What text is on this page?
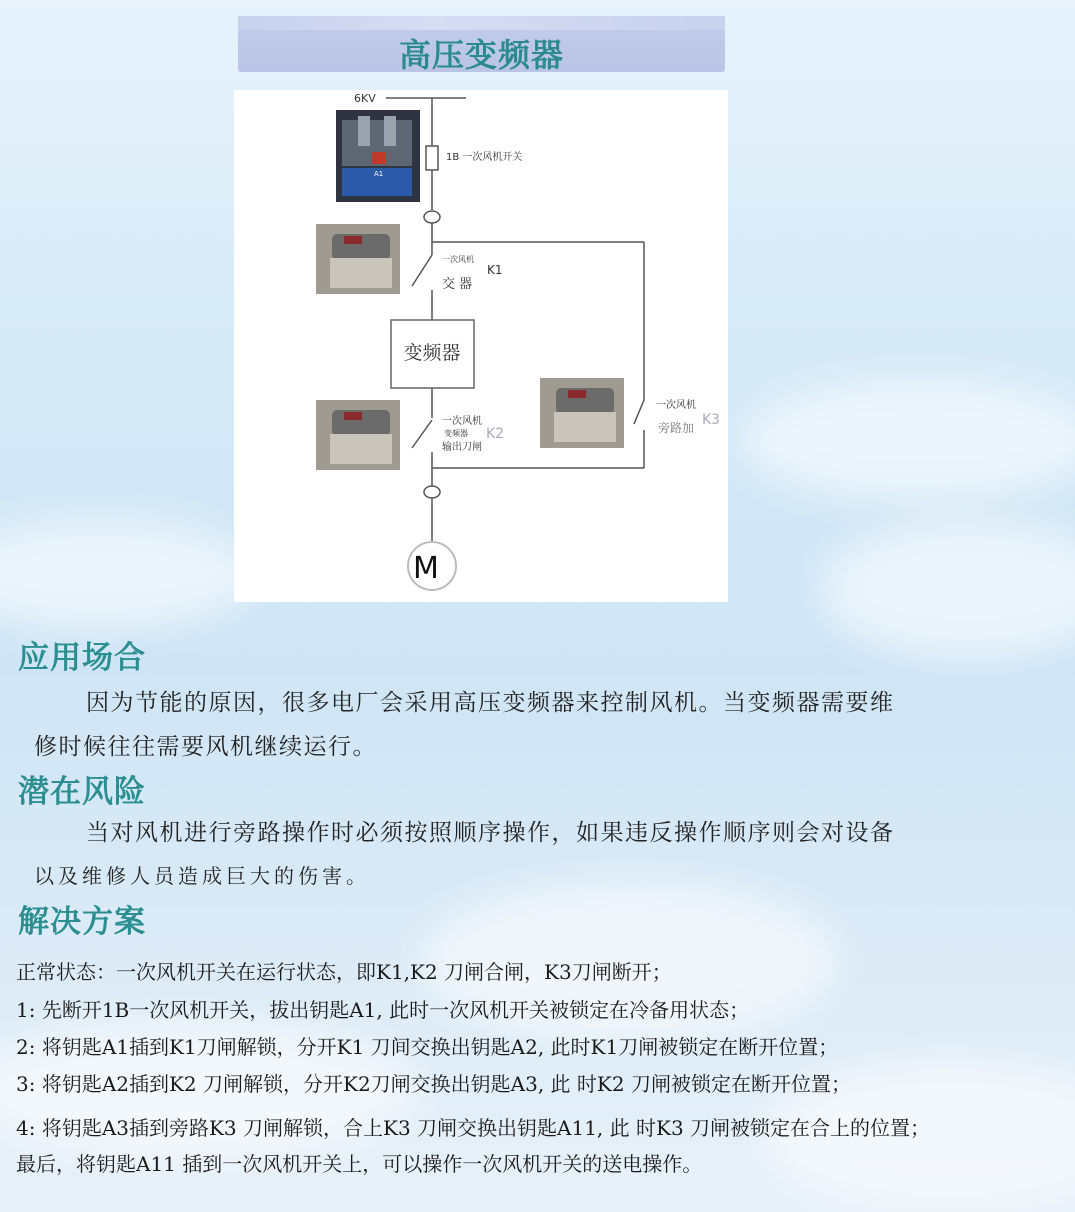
高压变频器
6KV
1B 一次风机开关
一次风机
交 器
K1
变频器
一次风机
变频器
输出刀闸
K2
一次风机
旁路加 K3
M
A1
应用场合
因为节能的原因，很多电厂会采用高压变频器来控制风机。当变频器需要维
修时候往往需要风机继续运行。
潜在风险
当对风机进行旁路操作时必须按照顺序操作，如果违反操作顺序则会对设备
以及维修人员造成巨大的伤害。
解决方案
正常状态：一次风机开关在运行状态，即K1,K2 刀闸合闸，K3刀闸断开；
1: 先断开1B一次风机开关，拔出钥匙A1, 此时一次风机开关被锁定在冷备用状态；
2: 将钥匙A1插到K1刀闸解锁，分开K1 刀间交换出钥匙A2, 此时K1刀闸被锁定在断开位置；
3: 将钥匙A2插到K2 刀闸解锁，分开K2刀闸交换出钥匙A3, 此 时K2 刀闸被锁定在断开位置；
4: 将钥匙A3插到旁路K3 刀闸解锁，合上K3 刀闸交换出钥匙A11, 此 时K3 刀闸被锁定在合上的位置；
最后，将钥匙A11 插到一次风机开关上，可以操作一次风机开关的送电操作。
